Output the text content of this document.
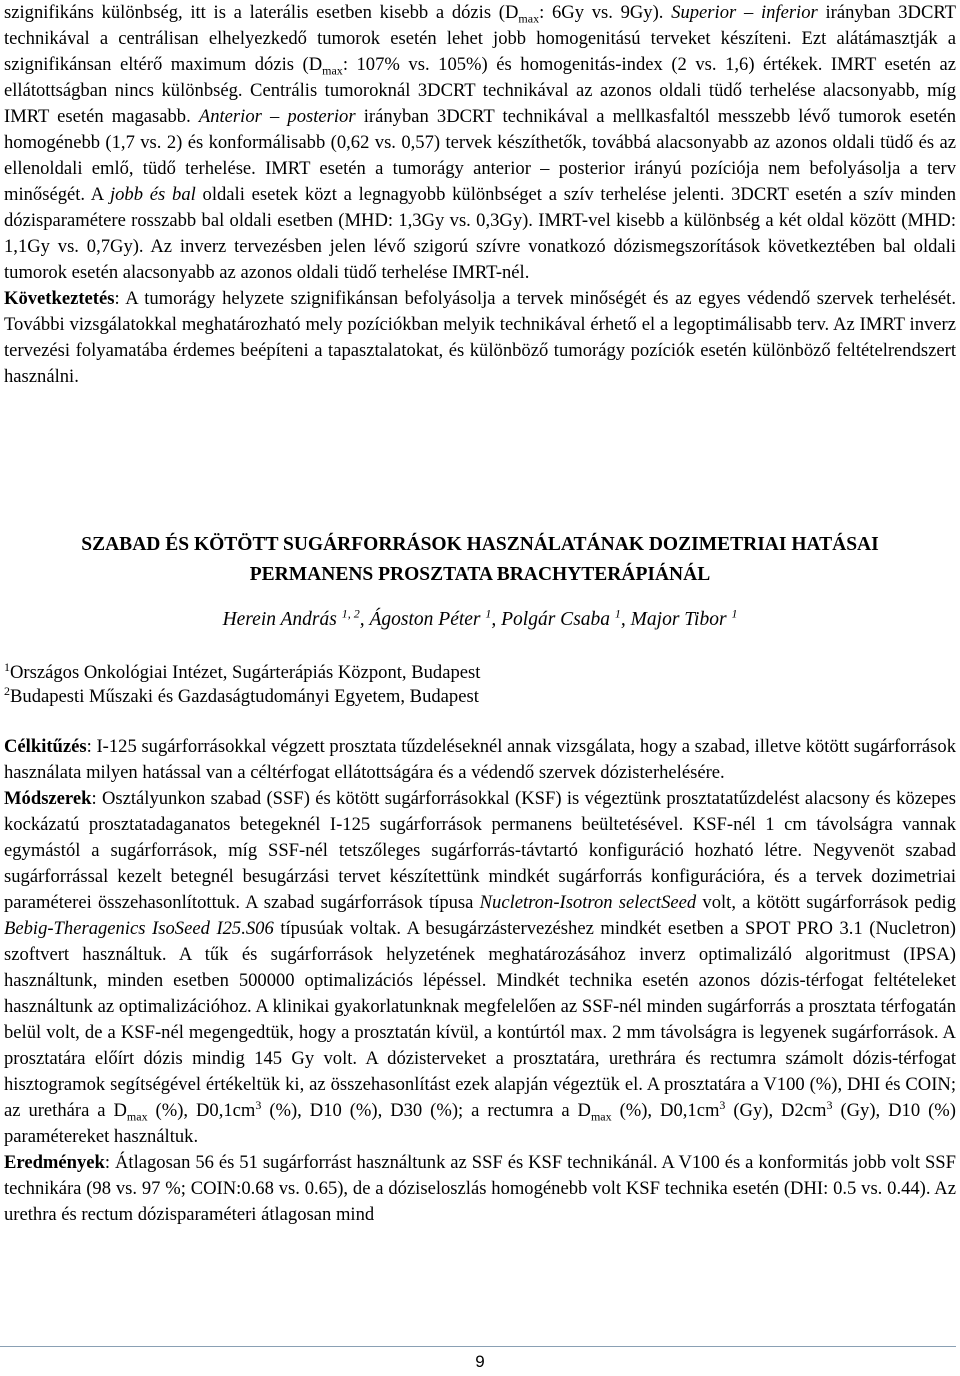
szignifikáns különbség, itt is a laterális esetben kisebb a dózis ($D_{max}$: 6Gy vs. 9Gy). Superior – inferior irányban 3DCRT technikával a centrálisan elhelyezkedő tumorok esetén lehet jobb homogenitású terveket készíteni. Ezt alátámasztják a szignifikánsan eltérő maximum dózis ($D_{max}$: 107% vs. 105%) és homogenitás-index (2 vs. 1,6) értékek. IMRT esetén az ellátottságban nincs különbség. Centrális tumoroknál 3DCRT technikával az azonos oldali tüdő terhelése alacsonyabb, míg IMRT esetén magasabb. Anterior – posterior irányban 3DCRT technikával a mellkasfaltól messzebb lévő tumorok esetén homogénebb (1,7 vs. 2) és konformálisabb (0,62 vs. 0,57) tervek készíthetők, továbbá alacsonyabb az azonos oldali tüdő és az ellenoldali emlő, tüdő terhelése. IMRT esetén a tumorágy anterior – posterior irányú pozíciója nem befolyásolja a terv minőségét. A jobb és bal oldali esetek közt a legnagyobb különbséget a szív terhelése jelenti. 3DCRT esetén a szív minden dózisparamétere rosszabb bal oldali esetben (MHD: 1,3Gy vs. 0,3Gy). IMRT-vel kisebb a különbség a két oldal között (MHD: 1,1Gy vs. 0,7Gy). Az inverz tervezésben jelen lévő szigorú szívre vonatkozó dózismegszorítások következtében bal oldali tumorok esetén alacsonyabb az azonos oldali tüdő terhelése IMRT-nél.

Következtetés: A tumorágy helyzete szignifikánsan befolyásolja a tervek minőségét és az egyes védendő szervek terhelését. További vizsgálatokkal meghatározható mely pozíciókban melyik technikával érhető el a legoptimálisabb terv. Az IMRT inverz tervezési folyamatába érdemes beépíteni a tapasztalatokat, és különböző tumorágy pozíciók esetén különböző feltételrendszert használni.

SZABAD ÉS KÖTÖTT SUGÁRFORRÁSOK HASZNÁLATÁNAK DOZIMETRIAI HATÁSAI
PERMANENS PROSZTATA BRACHYTERÁPIÁNÁL
Herein András $^{1, 2}$, Ágoston Péter $^1$, Polgár Csaba $^1$, Major Tibor $^1$
$^1$Országos Onkológiai Intézet, Sugárterápiás Központ, Budapest
$^2$Budapesti Műszaki és Gazdaságtudományi Egyetem, Budapest

Célkitűzés: I-125 sugárforrásokkal végzett prosztata tűzdeléseknél annak vizsgálata, hogy a szabad, illetve kötött sugárforrások használata milyen hatással van a céltérfogat ellátottságára és a védendő szervek dózisterhelésére.

Módszerek: Osztályunkon szabad (SSF) és kötött sugárforrásokkal (KSF) is végeztünk prosztatatűzdelést alacsony és közepes kockázatú prosztatadaganatos betegeknél I-125 sugárforrások permanens beültetésével. KSF-nél 1 cm távolságra vannak egymástól a sugárforrások, míg SSF-nél tetszőleges sugárforrás-távtartó konfiguráció hozható létre. Negyvenöt szabad sugárforrással kezelt betegnél besugárzási tervet készítettünk mindkét sugárforrás konfigurációra, és a tervek dozimetriai paraméterei összehasonlítottuk. A szabad sugárforrások típusa Nucletron-Isotron selectSeed volt, a kötött sugárforrások pedig Bebig-Theragenics IsoSeed I25.S06 típusúak voltak. A besugárzástervezéshez mindkét esetben a SPOT PRO 3.1 (Nucletron) szoftvert használtuk. A tűk és sugárforrások helyzetének meghatározásához inverz optimalizáló algoritmust (IPSA) használtunk, minden esetben 500000 optimalizációs lépéssel. Mindkét technika esetén azonos dózis-térfogat feltételeket használtunk az optimalizációhoz. A klinikai gyakorlatunknak megfelelően az SSF-nél minden sugárforrás a prosztata térfogatán belül volt, de a KSF-nél megengedtük, hogy a prosztatán kívül, a kontúrtól max. 2 mm távolságra is legyenek sugárforrások. A prosztatára előírt dózis mindig 145 Gy volt. A dózisterveket a prosztatára, urethrára és rectumra számolt dózis-térfogat hisztogramok segítségével értékeltük ki, az összehasonlítást ezek alapján végeztük el. A prosztatára a V100 (%), DHI és COIN; az urethára a $D_{max}$ (%), $D0,1cm^3$ (%), D10 (%), D30 (%); a rectumra a $D_{max}$ (%), $D0,1cm^3$ (Gy), $D2cm^3$ (Gy), D10 (%) paramétereket használtuk.

Eredmények: Átlagosan 56 és 51 sugárforrást használtunk az SSF és KSF technikánál. A V100 és a konformitás jobb volt SSF technikára (98 vs. 97 %; COIN:0.68 vs. 0.65), de a dóziseloszlás homogénebb volt KSF technika esetén (DHI: 0.5 vs. 0.44). Az urethra és rectum dózisparaméteri átlagosan mind

9
